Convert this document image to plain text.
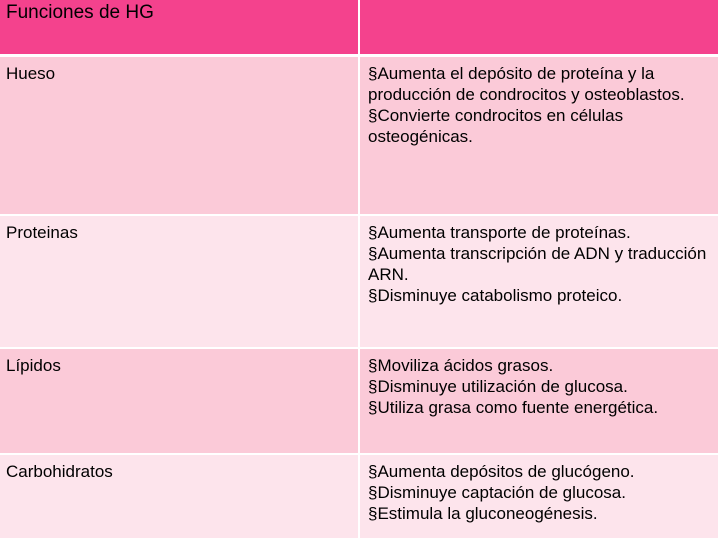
Funciones de HG
Hueso	§Aumenta el depósito de proteína y la producción de condrocitos y osteoblastos.
§Convierte condrocitos en células osteogénicas.
Proteinas	§Aumenta transporte de proteínas.
§Aumenta transcripción de ADN y traducción ARN.
§Disminuye catabolismo proteico.
Lípidos	§Moviliza ácidos grasos.
§Disminuye utilización de glucosa.
§Utiliza grasa como fuente energética.
Carbohidratos	§Aumenta depósitos de glucógeno.
§Disminuye captación de glucosa.
§Estimula la gluconeogénesis.
